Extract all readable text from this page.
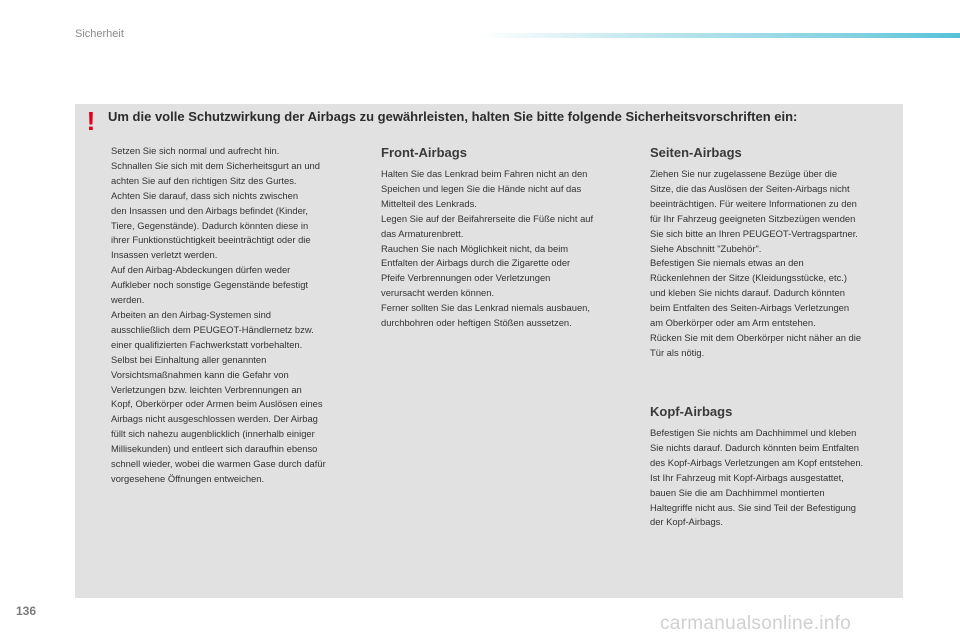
Sicherheit
! Um die volle Schutzwirkung der Airbags zu gewährleisten, halten Sie bitte folgende Sicherheitsvorschriften ein:

Setzen Sie sich normal und aufrecht hin.

Schnallen Sie sich mit dem Sicherheitsgurt an und

achten Sie auf den richtigen Sitz des Gurtes.

Achten Sie darauf, dass sich nichts zwischen

den Insassen und den Airbags befindet (Kinder,

Tiere, Gegenstände). Dadurch könnten diese in

ihrer Funktionstüchtigkeit beeinträchtigt oder die

Insassen verletzt werden.

Auf den Airbag-Abdeckungen dürfen weder

Aufkleber noch sonstige Gegenstände befestigt

werden.

Arbeiten an den Airbag-Systemen sind

ausschließlich dem PEUGEOT-Händlernetz bzw.

einer qualifizierten Fachwerkstatt vorbehalten.

Selbst bei Einhaltung aller genannten

Vorsichtsmaßnahmen kann die Gefahr von

Verletzungen bzw. leichten Verbrennungen an

Kopf, Oberkörper oder Armen beim Auslösen eines

Airbags nicht ausgeschlossen werden. Der Airbag

füllt sich nahezu augenblicklich (innerhalb einiger

Millisekunden) und entleert sich daraufhin ebenso

schnell wieder, wobei die warmen Gase durch dafür

vorgesehene Öffnungen entweichen.

Front-Airbags

Halten Sie das Lenkrad beim Fahren nicht an den

Speichen und legen Sie die Hände nicht auf das

Mittelteil des Lenkrads.

Legen Sie auf der Beifahrerseite die Füße nicht auf

das Armaturenbrett.

Rauchen Sie nach Möglichkeit nicht, da beim

Entfalten der Airbags durch die Zigarette oder

Pfeife Verbrennungen oder Verletzungen

verursacht werden können.

Ferner sollten Sie das Lenkrad niemals ausbauen,

durchbohren oder heftigen Stößen aussetzen.

Seiten-Airbags

Ziehen Sie nur zugelassene Bezüge über die

Sitze, die das Auslösen der Seiten-Airbags nicht

beeinträchtigen. Für weitere Informationen zu den

für Ihr Fahrzeug geeigneten Sitzbezügen wenden

Sie sich bitte an Ihren PEUGEOT-Vertragspartner.

Siehe Abschnitt "Zubehör".

Befestigen Sie niemals etwas an den

Rückenlehnen der Sitze (Kleidungsstücke, etc.)

und kleben Sie nichts darauf. Dadurch könnten

beim Entfalten des Seiten-Airbags Verletzungen

am Oberkörper oder am Arm entstehen.

Rücken Sie mit dem Oberkörper nicht näher an die

Tür als nötig.

Kopf-Airbags

Befestigen Sie nichts am Dachhimmel und kleben

Sie nichts darauf. Dadurch könnten beim Entfalten

des Kopf-Airbags Verletzungen am Kopf entstehen.

Ist Ihr Fahrzeug mit Kopf-Airbags ausgestattet,

bauen Sie die am Dachhimmel montierten

Haltegriffe nicht aus. Sie sind Teil der Befestigung

der Kopf-Airbags.

136
carmanualsonline.info
